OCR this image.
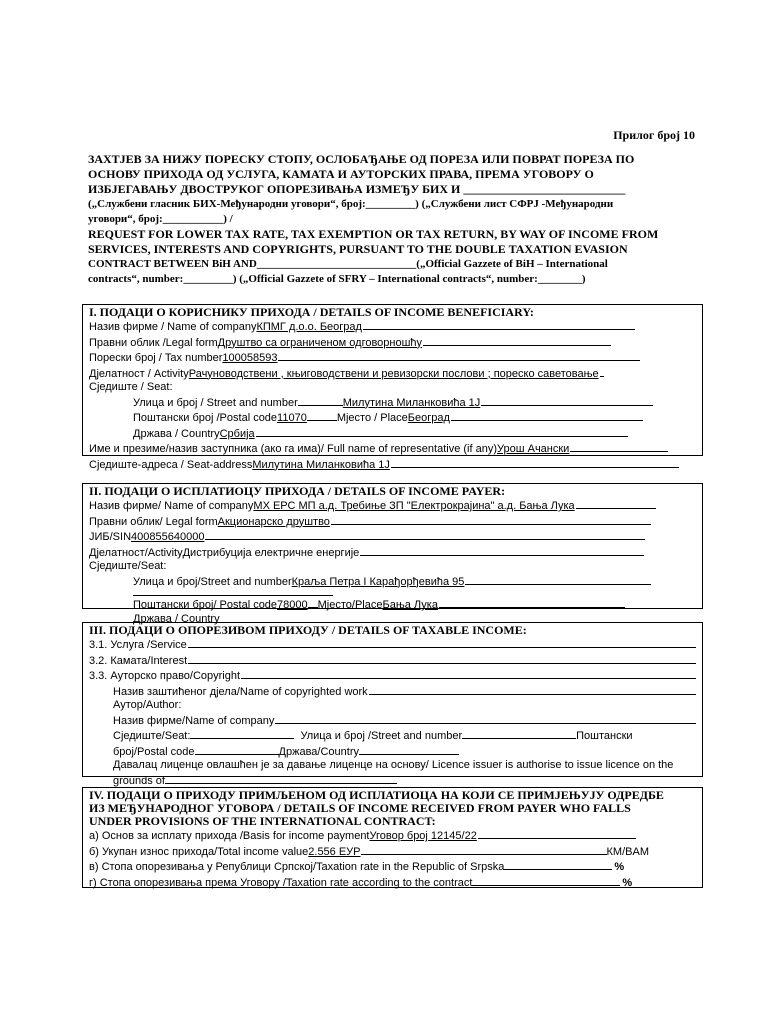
Прилог број 10
ЗАХТЈЕВ ЗА НИЖУ ПОРЕСКУ СТОПУ, ОСЛОБАЂАЊЕ ОД ПОРЕЗА ИЛИ ПОВРАТ ПОРЕЗА ПО
ОСНОВУ ПРИХОДА ОД УСЛУГА, КАМАТА И АУТОРСКИХ ПРАВА, ПРЕМА УГОВОРУ О
ИЗБЈЕГАВАЊУ ДВОСТРУКОГ ОПОРЕЗИВАЊА ИЗМЕЂУ БИХ И ___________________________
(„Службени гласник БИХ-Међународни уговори“, број:_________) („Службени лист СФРЈ -Међународни
уговори“, број:___________) /
REQUEST FOR LOWER TAX RATE, TAX EXEMPTION OR TAX RETURN, BY WAY OF INCOME FROM
SERVICES, INTERESTS AND COPYRIGHTS, PURSUANT TO THE DOUBLE TAXATION EVASION
CONTRACT BETWEEN BiH AND_____________________________(„Official Gazzete of BiH – International
contracts“, number:_________) („Official Gazzete of SFRY – International contracts“, number:________)
I. ПОДАЦИ О КОРИСНИКУ ПРИХОДА / DETAILS OF INCOME BENEFICIARY:
Назив фирме / Name of company КПМГ д.о.о. Београд
Правни облик /Legal form Друштво са ограниченом одговорношћу
Порески број / Tax number 100058593
Дјелатност / Activity Рачуноводствени , књиговодствени и ревизорски послови ; пореско саветовање
Сједиште / Seat:
Улица и број / Street and number	Милутина Миланковића 1Ј
Поштански број /Postal code 11070	Мјесто / Place Београд
Држава / Country Србија
Име и презиме/назив заступника (ако га има)/ Full name of representative (if any) Урош Ачански
Сједиште-адреса / Seat-address Милутина Миланковића 1Ј
II. ПОДАЦИ О ИСПЛАТИОЦУ ПРИХОДА / DETAILS OF INCOME PAYER:
Назив фирме/ Name of company МХ ЕРС МП а.д. Требиње ЗП "Електрокрајина" а.д. Бања Лука
Правни облик/ Legal form Акционарско друштво
ЈИБ/SIN 400855640000
Дјелатност/Activity Дистрибуција електричне енергије
Сједиште/Seat:
Улица и број/Street and number Краља Петра I Карађорђевића 95
Поштански број/ Postal code 78000 Мјесто/Place Бања Лука
Држава / Country
III. ПОДАЦИ О ОПОРЕЗИВОМ ПРИХОДУ / DETAILS OF TAXABLE INCOME:
3.1. Услуга /Service
3.2. Камата/Interest
3.3. Ауторско право/Copyright
Назив заштићеног дјела/Name of copyrighted work
Аутор/Author:
Назив фирме/Name of company
Сједиште/Seat:	Улица и број /Street and number	Поштански
број/Postal code	Држава/Country
Давалац лиценце овлашћен је за давање лиценце на основу/ Licence issuer is authorise to issue licence on the
grounds of
IV. ПОДАЦИ О ПРИХОДУ ПРИМЉЕНОМ ОД ИСПЛАТИОЦА НА КОЈИ СЕ ПРИМЈЕЊУЈУ ОДРЕДБЕ
ИЗ МЕЂУНАРОДНОГ УГОВОРА / DETAILS OF INCOME RECEIVED FROM PAYER WHO FALLS
UNDER PROVISIONS OF THE INTERNATIONAL CONTRACT:
а) Основ за исплату прихода /Basis for income payment Уговор број 12145/22
б) Укупан износ прихода/Total income value 2.556 ЕУР	КМ/BAM
в) Стопа опорезивања у Републици Српској/Taxation rate in the Republic of Srpska	%
г) Стопа опорезивања према Уговору /Taxation rate according to the contract	%
